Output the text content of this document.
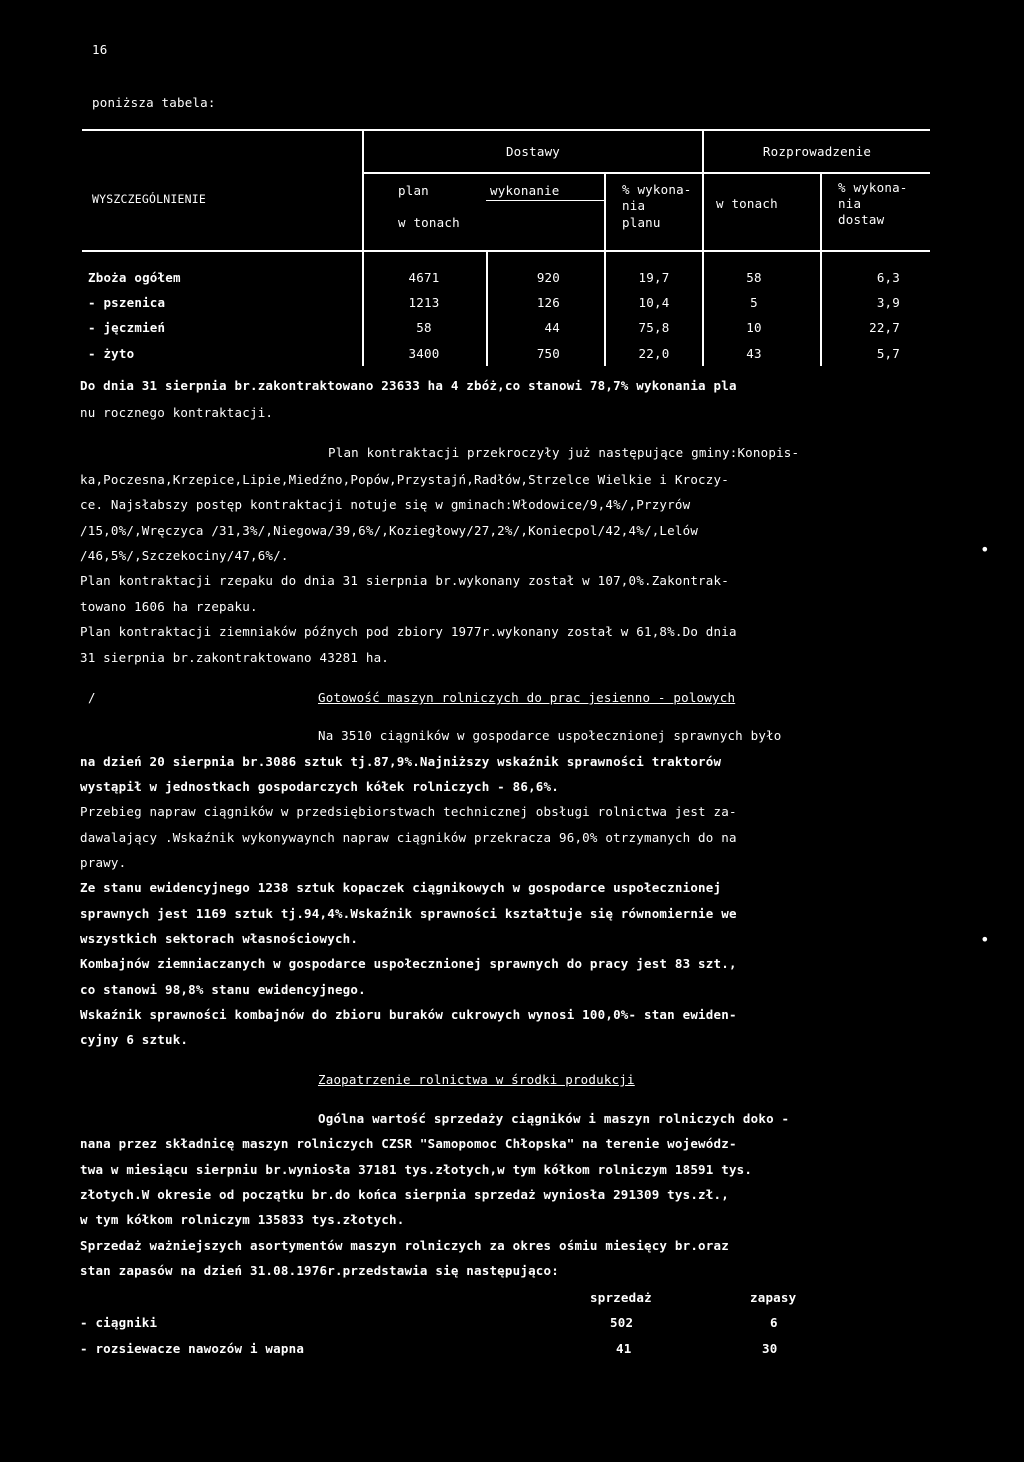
16
poniższa tabela:
WYSZCZEGÓLNIENIE
Dostawy	Rozprowadzenie
plan	wykonanie
w tonach
% wykona-
nia
planu
w tonach
% wykona-
nia
dostaw
Zboża ogółem	4671	920	19,7	58	6,3
- pszenica	1213	126	10,4	5	3,9
- jęczmień	58	44	75,8	10	22,7
- żyto	3400	750	22,0	43	5,7
Do dnia 31 sierpnia br.zakontraktowano 23633 ha 4 zbóż,co stanowi 78,7% wykonania pla
nu rocznego kontraktacji.
Plan kontraktacji przekroczyły już następujące gminy:Konopis-
ka,Poczesna,Krzepice,Lipie,Miedźno,Popów,Przystajń,Radłów,Strzelce Wielkie i Kroczy-
ce. Najsłabszy postęp kontraktacji notuje się w gminach:Włodowice/9,4%/,Przyrów
/15,0%/,Wręczyca /31,3%/,Niegowa/39,6%/,Koziegłowy/27,2%/,Koniecpol/42,4%/,Lelów
/46,5%/,Szczekociny/47,6%/.
Plan kontraktacji rzepaku do dnia 31 sierpnia br.wykonany został w 107,0%.Zakontrak-
towano 1606 ha rzepaku.
Plan kontraktacji ziemniaków późnych pod zbiory 1977r.wykonany został w 61,8%.Do dnia
31 sierpnia br.zakontraktowano 43281 ha.
Gotowość maszyn rolniczych do prac jesienno - polowych
/
Na 3510 ciągników w gospodarce uspołecznionej sprawnych było
na dzień 20 sierpnia br.3086 sztuk tj.87,9%.Najniższy wskaźnik sprawności traktorów
wystąpił w jednostkach gospodarczych kółek rolniczych - 86,6%.
Przebieg napraw ciągników w przedsiębiorstwach technicznej obsługi rolnictwa jest za-
dawalający .Wskaźnik wykonywaynch napraw ciągników przekracza 96,0% otrzymanych do na
prawy.
Ze stanu ewidencyjnego 1238 sztuk kopaczek ciągnikowych w gospodarce uspołecznionej
sprawnych jest 1169 sztuk tj.94,4%.Wskaźnik sprawności kształtuje się równomiernie we
wszystkich sektorach własnościowych.
Kombajnów ziemniaczanych w gospodarce uspołecznionej sprawnych do pracy jest 83 szt.,
co stanowi 98,8% stanu ewidencyjnego.
Wskaźnik sprawności kombajnów do zbioru buraków cukrowych wynosi 100,0%- stan ewiden-
cyjny 6 sztuk.
Zaopatrzenie rolnictwa w środki produkcji
Ogólna wartość sprzedaży ciągników i maszyn rolniczych doko -
nana przez składnicę maszyn rolniczych CZSR "Samopomoc Chłopska" na terenie wojewódz-
twa w miesiącu sierpniu br.wyniosła 37181 tys.złotych,w tym kółkom rolniczym 18591 tys.
złotych.W okresie od początku br.do końca sierpnia sprzedaż wyniosła 291309 tys.zł.,
w tym kółkom rolniczym 135833 tys.złotych.
Sprzedaż ważniejszych asortymentów maszyn rolniczych za okres ośmiu miesięcy br.oraz
stan zapasów na dzień 31.08.1976r.przedstawia się następująco:
sprzedaż	zapasy
- ciągniki	502	6
- rozsiewacze nawozów i wapna	41	30
•
•
